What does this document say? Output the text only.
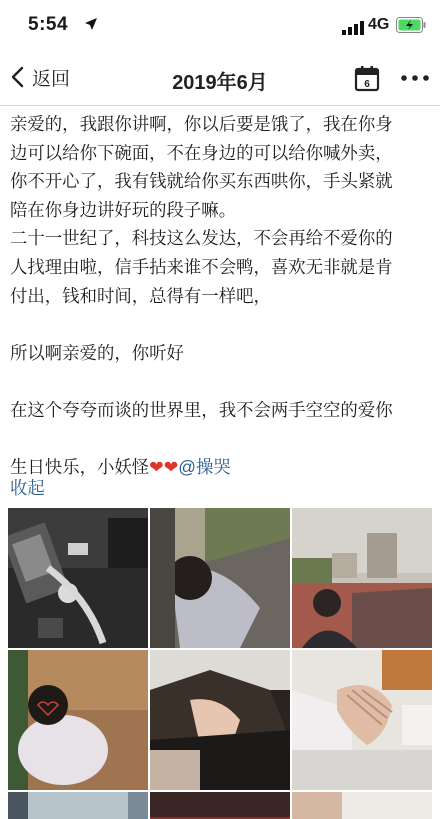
5:54	4G
返回	2019年6月	6

亲爱的，我跟你讲啊，你以后要是饿了，我在你身

边可以给你下碗面，不在身边的可以给你喊外卖，

你不开心了，我有钱就给你买东西哄你，手头紧就

陪在你身边讲好玩的段子嘛。

二十一世纪了，科技这么发达，不会再给不爱你的

人找理由啦，信手拈来谁不会鸭，喜欢无非就是肯

付出，钱和时间，总得有一样吧，

所以啊亲爱的，你听好

在这个夸夸而谈的世界里，我不会两手空空的爱你

生日快乐，小妖怪❤❤@操哭

收起
